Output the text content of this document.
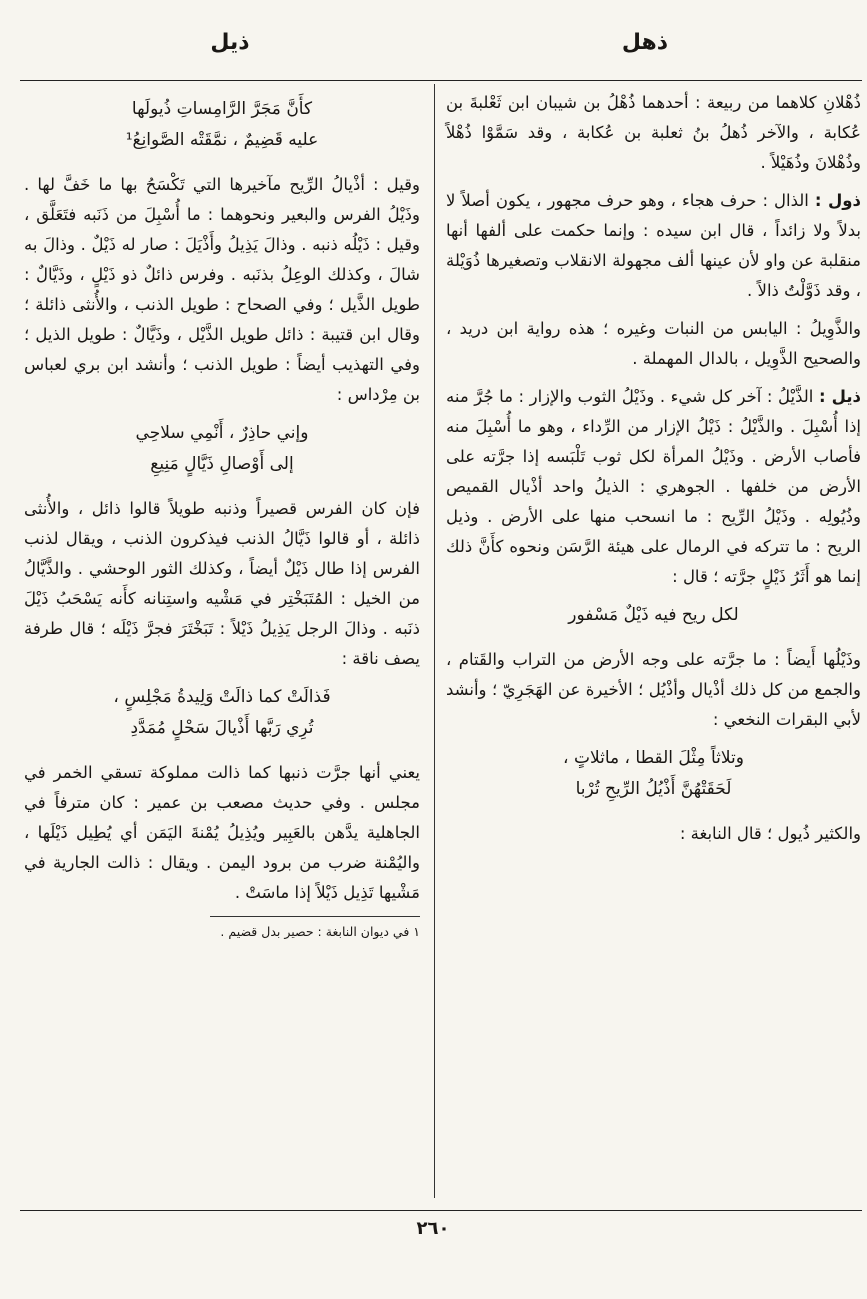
ذهل
ذيل

ذُهْلانِ كلاهما من ربيعة : أحدهما ذُهْلُ بن شيبان ابن ثَعْلبةَ بن عُكابة ، والآخر ذُهلُ بنُ ثعلبة بن عُكابة ، وقد سَمَّوْا ذُهْلاً وذُهْلانَ وذُهَيْلاً .

ذول : الذال : حرف هجاء ، وهو حرف مجهور ، يكون أصلاً لا بدلاً ولا زائداً ، قال ابن سيده : وإنما حكمت على ألفها أنها منقلبة عن واو لأن عينها ألف مجهولة الانقلاب وتصغيرها ذُوَيْلة ، وقد ذَوَّلْتُ ذالاً .

والذَّوِيلُ : اليابس من النبات وغيره ؛ هذه رواية ابن دريد ، والصحيح الذَّوِيل ، بالدال المهملة .

ذيل : الذَّيْلُ : آخر كل شيء . وذَيْلُ الثوب والإزار : ما جُرَّ منه إذا أُسْبِلَ . والذَّيْلُ : ذَيْلُ الإزار من الرِّداء ، وهو ما أُسْبِلَ منه فأصاب الأرض . وذَيْلُ المرأة لكل ثوب تَلْبَسه إذا جرَّته على الأرض من خلفها . الجوهري : الذيلُ واحد أذْيال القميص وذُيُولِه . وذَيْلُ الرِّيح : ما انسحب منها على الأرض . وذيل الريح : ما تتركه في الرمال على هيئة الرَّسَن ونحوه كأَنَّ ذلك إنما هو أَثَرُ ذَيْلٍ جرَّته ؛ قال :

لكل ريح فيه ذَيْلٌ مَسْفور

وذَيْلُها أَيضاً : ما جرَّته على وجه الأرض من التراب والقَتام ، والجمع من كل ذلك أذْيال وأذْيُل ؛ الأخيرة عن الهَجَرِيّ ؛ وأنشد لأبي البقرات النخعي :

وتلاثاً مِثْلَ القطا ، ماثلاتٍ ،
لَحَقَتْهُنَّ أَذْيُلُ الرِّيحِ تُرْبا

والكثير ذُيول ؛ قال النابغة :

كأَنَّ مَجَرَّ الرَّامِساتِ ذُيولَها
عليه قَضِيمٌ ، نمَّقَتْه الصَّوانِعُ¹

وقيل : أذْيالُ الرِّيح مآخيرها التي تَكْسَحُ بها ما خَفَّ لها . وذَيْلُ الفرس والبعير ونحوهما : ما أُسْبِلَ من ذَنَبه فتَعَلَّق ، وقيل : ذَيْلُه ذنبه . وذالَ يَذِيلُ وأَذْيَلَ : صار له ذَيْلٌ . وذالَ به شالَ ، وكذلك الوعِلُ بذنَبه . وفرس ذائلٌ ذو ذَيْلٍ ، وذَيَّالٌ : طويل الذَّيل ؛ وفي الصحاح : طويل الذنب ، والأُنثى ذائلة ؛ وقال ابن قتيبة : ذائل طويل الذَّيْل ، وذَيَّالٌ : طويل الذيل ؛ وفي التهذيب أيضاً : طويل الذنب ؛ وأنشد ابن بري لعباس بن مِرْداس :

وإني حاذِرٌ ، أَنْمِي سلاحِي
إلى أَوْصالِ ذَيَّالٍ مَنِيعِ

فإن كان الفرس قصيراً وذنبه طويلاً قالوا ذائل ، والأُنثى ذائلة ، أو قالوا ذَيَّالُ الذنب فيذكرون الذنب ، ويقال لذنب الفرس إذا طال ذَيْلٌ أيضاً ، وكذلك الثور الوحشي . والذَّيَّالُ من الخيل : المُتَبَخْتِر في مَشْيه واستِنانه كأَنه يَسْحَبُ ذَيْلَ ذنَبه . وذالَ الرجل يَذِيلُ ذَيْلاً : تَبَخْتَرَ فجرَّ ذَيْلَه ؛ قال طرفة يصف ناقة :

فَذالَتْ كما ذالَتْ وَلِيدةُ مَجْلِسٍ ،
تُرِي رَبَّها أَذْيالَ سَحْلٍ مُمَدَّدِ

يعني أنها جرَّت ذنبها كما ذالت مملوكة تسقي الخمر في مجلس . وفي حديث مصعب بن عمير : كان مترفاً في الجاهلية يدَّهن بالعَبِير ويُذِيلُ يُمْنةَ اليَمَن أي يُطِيل ذَيْلَها ، واليُمْنة ضرب من برود اليمن . ويقال : ذالت الجارية في مَشْيها تَذِيل ذَيْلاً إذا ماسَتْ .

١ في ديوان النابغة : حصير بدل قضيم .
٢٦٠
